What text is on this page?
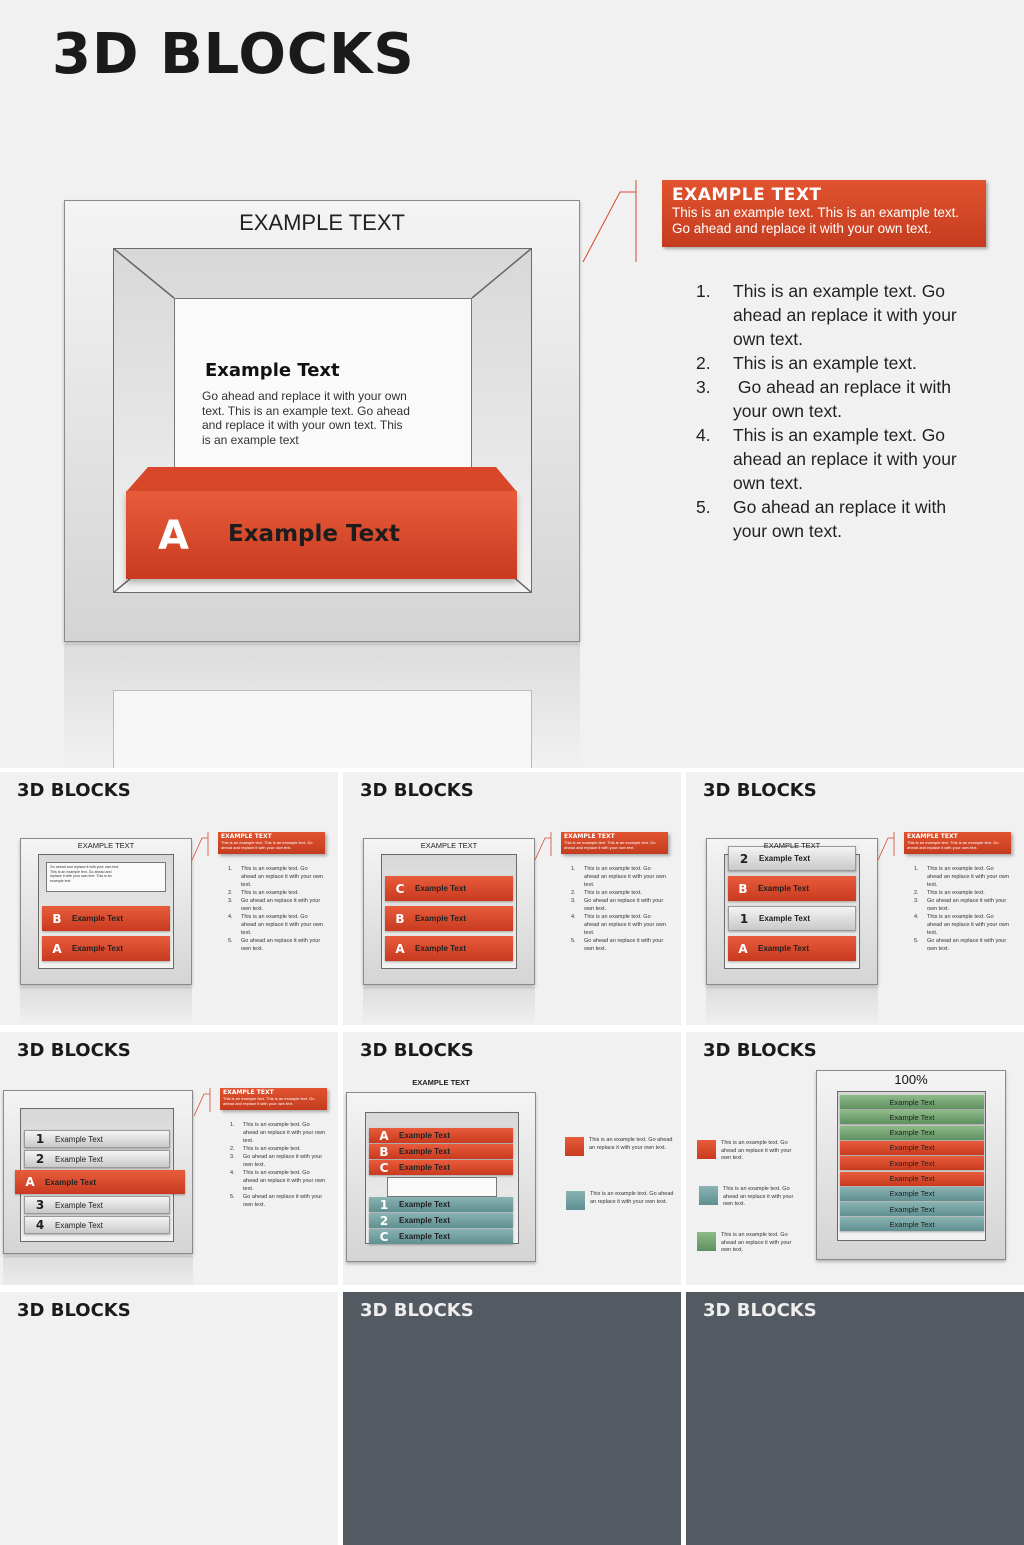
3D BLOCKS
EXAMPLE TEXT
Example Text
Go ahead and replace it with your own text. This is an example text. Go ahead and replace it with your own text. This is an example text
A Example Text
EXAMPLE TEXT
This is an example text. This is an example text. Go ahead and replace it with your own text.
1.	This is an example text. Go ahead an replace it with your own text.
2.	This is an example text.
3.	Go ahead an replace it with your own text.
4.	This is an example text. Go ahead an replace it with your own text.
5.	Go ahead an replace it with your own text.
3D BLOCKS
EXAMPLE TEXT
Go ahead and replace it with your own text. This is an example text. Go ahead and replace it with your own text. This is an example text
B	Example Text
A	Example Text
EXAMPLE TEXT
This is an example text. This is an example text. Go ahead and replace it with your own text.
1.	This is an example text. Go ahead an replace it with your own text.
2.	This is an example text.
3.	Go ahead an replace it with your own text.
4.	This is an example text. Go ahead an replace it with your own text.
5.	Go ahead an replace it with your own text.
3D BLOCKS
EXAMPLE TEXT
C	Example Text
B	Example Text
A	Example Text
EXAMPLE TEXT
This is an example text. This is an example text. Go ahead and replace it with your own text.
1.	This is an example text. Go ahead an replace it with your own text.
2.	This is an example text.
3.	Go ahead an replace it with your own text.
4.	This is an example text. Go ahead an replace it with your own text.
5.	Go ahead an replace it with your own text.
3D BLOCKS
EXAMPLE TEXT
2	Example Text
B	Example Text
1	Example Text
A	Example Text
EXAMPLE TEXT
This is an example text. This is an example text. Go ahead and replace it with your own text.
1.	This is an example text. Go ahead an replace it with your own text.
2.	This is an example text.
3.	Go ahead an replace it with your own text.
4.	This is an example text. Go ahead an replace it with your own text.
5.	Go ahead an replace it with your own text.
3D BLOCKS
1	Example Text
2	Example Text
A	Example Text
3	Example Text
4	Example Text
EXAMPLE TEXT
This is an example text. This is an example text. Go ahead and replace it with your own text.
1.	This is an example text. Go ahead an replace it with your own text.
2.	This is an example text.
3.	Go ahead an replace it with your own text.
4.	This is an example text. Go ahead an replace it with your own text.
5.	Go ahead an replace it with your own text.
3D BLOCKS
EXAMPLE TEXT
A	Example Text
B	Example Text
C	Example Text
1	Example Text
2	Example Text
C	Example Text
This is an example text. Go ahead an replace it with your own text.
This is an example text. Go ahead an replace it with your own text.
3D BLOCKS
100%
Example Text
Example Text
Example Text
Example Text
Example Text
Example Text
Example Text
Example Text
Example Text
This is an example text. Go ahead an replace it with your own text.
This is an example text. Go ahead an replace it with your own text.
This is an example text. Go ahead an replace it with your own text.
3D BLOCKS	3D BLOCKS	3D BLOCKS
